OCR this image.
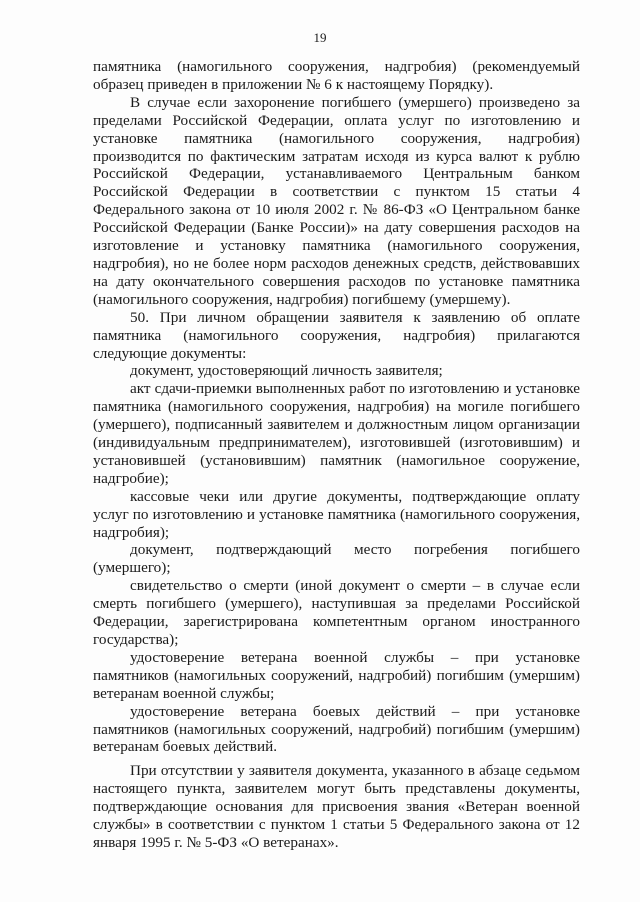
19

памятника (намогильного сооружения, надгробия) (рекомендуемый образец приведен в приложении № 6 к настоящему Порядку).

В случае если захоронение погибшего (умершего) произведено за пределами Российской Федерации, оплата услуг по изготовлению и установке памятника (намогильного сооружения, надгробия) производится по фактическим затратам исходя из курса валют к рублю Российской Федерации, устанавливаемого Центральным банком Российской Федерации в соответствии с пунктом 15 статьи 4 Федерального закона от 10 июля 2002 г. № 86-ФЗ «О Центральном банке Российской Федерации (Банке России)» на дату совершения расходов на изготовление и установку памятника (намогильного сооружения, надгробия), но не более норм расходов денежных средств, действовавших на дату окончательного совершения расходов по установке памятника (намогильного сооружения, надгробия) погибшему (умершему).

50. При личном обращении заявителя к заявлению об оплате памятника (намогильного сооружения, надгробия) прилагаются следующие документы:

документ, удостоверяющий личность заявителя;

акт сдачи-приемки выполненных работ по изготовлению и установке памятника (намогильного сооружения, надгробия) на могиле погибшего (умершего), подписанный заявителем и должностным лицом организации (индивидуальным предпринимателем), изготовившей (изготовившим) и установившей (установившим) памятник (намогильное сооружение, надгробие);

кассовые чеки или другие документы, подтверждающие оплату услуг по изготовлению и установке памятника (намогильного сооружения, надгробия);

документ, подтверждающий место погребения погибшего (умершего);

свидетельство о смерти (иной документ о смерти – в случае если смерть погибшего (умершего), наступившая за пределами Российской Федерации, зарегистрирована компетентным органом иностранного государства);

удостоверение ветерана военной службы – при установке памятников (намогильных сооружений, надгробий) погибшим (умершим) ветеранам военной службы;

удостоверение ветерана боевых действий – при установке памятников (намогильных сооружений, надгробий) погибшим (умершим) ветеранам боевых действий.

При отсутствии у заявителя документа, указанного в абзаце седьмом настоящего пункта, заявителем могут быть представлены документы, подтверждающие основания для присвоения звания «Ветеран военной службы» в соответствии с пунктом 1 статьи 5 Федерального закона от 12 января 1995 г. № 5-ФЗ «О ветеранах».
